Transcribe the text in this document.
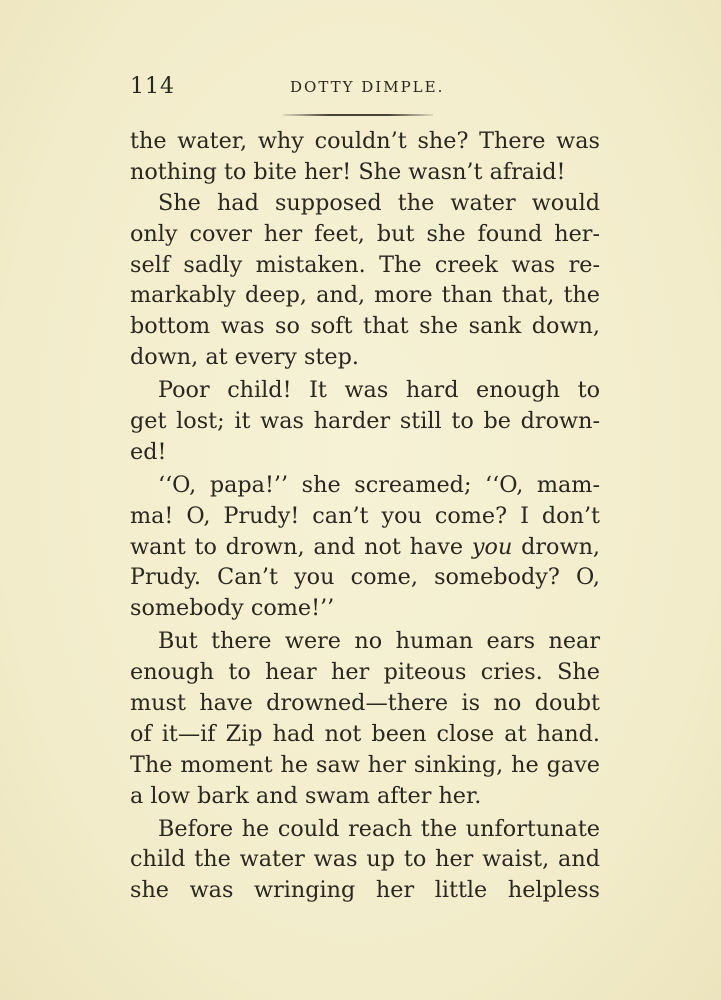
114	DOTTY DIMPLE.
the water, why couldn’t she? There was
nothing to bite her! She wasn’t afraid!
She had supposed the water would
only cover her feet, but she found her-
self sadly mistaken. The creek was re-
markably deep, and, more than that, the
bottom was so soft that she sank down,
down, at every step.
Poor child! It was hard enough to
get lost; it was harder still to be drown-
ed!
‘‘O, papa!’’ she screamed; ‘‘O, mam-
ma! O, Prudy! can’t you come? I don’t
want to drown, and not have you drown,
Prudy. Can’t you come, somebody? O,
somebody come!’’
But there were no human ears near
enough to hear her piteous cries. She
must have drowned—there is no doubt
of it—if Zip had not been close at hand.
The moment he saw her sinking, he gave
a low bark and swam after her.
Before he could reach the unfortunate
child the water was up to her waist, and
she was wringing her little helpless
